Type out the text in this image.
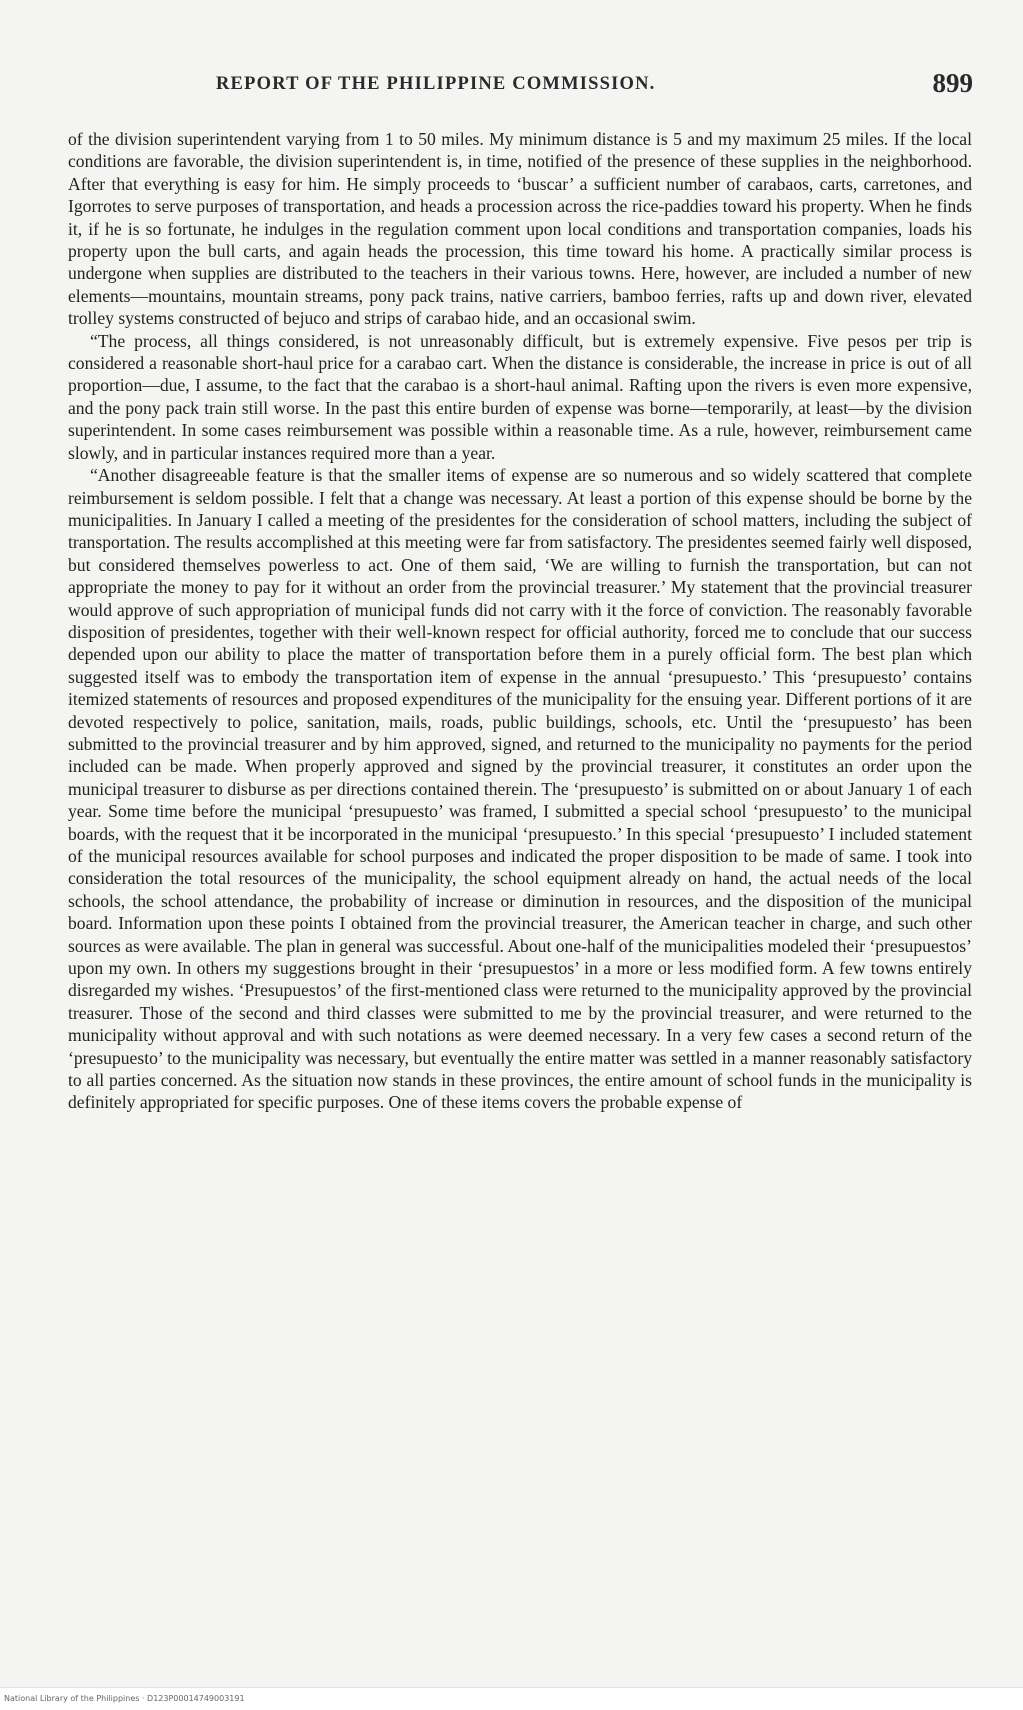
REPORT OF THE PHILIPPINE COMMISSION.	899

of the division superintendent varying from 1 to 50 miles. My minimum distance is 5 and my maximum 25 miles. If the local conditions are favorable, the division superintendent is, in time, notified of the presence of these supplies in the neighborhood. After that everything is easy for him. He simply proceeds to ‘buscar’ a sufficient number of carabaos, carts, carretones, and Igorrotes to serve purposes of transportation, and heads a procession across the rice-paddies toward his property. When he finds it, if he is so fortunate, he indulges in the regulation comment upon local conditions and transportation companies, loads his property upon the bull carts, and again heads the procession, this time toward his home. A practically similar process is undergone when supplies are distributed to the teachers in their various towns. Here, however, are included a number of new elements—mountains, mountain streams, pony pack trains, native carriers, bamboo ferries, rafts up and down river, elevated trolley systems constructed of bejuco and strips of carabao hide, and an occasional swim.

“The process, all things considered, is not unreasonably difficult, but is extremely expensive. Five pesos per trip is considered a reasonable short-haul price for a carabao cart. When the distance is considerable, the increase in price is out of all proportion—due, I assume, to the fact that the carabao is a short-haul animal. Rafting upon the rivers is even more expensive, and the pony pack train still worse. In the past this entire burden of expense was borne—temporarily, at least—by the division superintendent. In some cases reimbursement was possible within a reasonable time. As a rule, however, reimbursement came slowly, and in particular instances required more than a year.

“Another disagreeable feature is that the smaller items of expense are so numerous and so widely scattered that complete reimbursement is seldom possible. I felt that a change was necessary. At least a portion of this expense should be borne by the municipalities. In January I called a meeting of the presidentes for the consideration of school matters, including the subject of transportation. The results accomplished at this meeting were far from satisfactory. The presidentes seemed fairly well disposed, but considered themselves powerless to act. One of them said, ‘We are willing to furnish the transportation, but can not appropriate the money to pay for it without an order from the provincial treasurer.’ My statement that the provincial treasurer would approve of such appropriation of municipal funds did not carry with it the force of conviction. The reasonably favorable disposition of presidentes, together with their well-known respect for official authority, forced me to conclude that our success depended upon our ability to place the matter of transportation before them in a purely official form. The best plan which suggested itself was to embody the transportation item of expense in the annual ‘presupuesto.’ This ‘presupuesto’ contains itemized statements of resources and proposed expenditures of the municipality for the ensuing year. Different portions of it are devoted respectively to police, sanitation, mails, roads, public buildings, schools, etc. Until the ‘presupuesto’ has been submitted to the provincial treasurer and by him approved, signed, and returned to the municipality no payments for the period included can be made. When properly approved and signed by the provincial treasurer, it constitutes an order upon the municipal treasurer to disburse as per directions contained therein. The ‘presupuesto’ is submitted on or about January 1 of each year. Some time before the municipal ‘presupuesto’ was framed, I submitted a special school ‘presupuesto’ to the municipal boards, with the request that it be incorporated in the municipal ‘presupuesto.’ In this special ‘presupuesto’ I included statement of the municipal resources available for school purposes and indicated the proper disposition to be made of same. I took into consideration the total resources of the municipality, the school equipment already on hand, the actual needs of the local schools, the school attendance, the probability of increase or diminution in resources, and the disposition of the municipal board. Information upon these points I obtained from the provincial treasurer, the American teacher in charge, and such other sources as were available. The plan in general was successful. About one-half of the municipalities modeled their ‘presupuestos’ upon my own. In others my suggestions brought in their ‘presupuestos’ in a more or less modified form. A few towns entirely disregarded my wishes. ‘Presupuestos’ of the first-mentioned class were returned to the municipality approved by the provincial treasurer. Those of the second and third classes were submitted to me by the provincial treasurer, and were returned to the municipality without approval and with such notations as were deemed necessary. In a very few cases a second return of the ‘presupuesto’ to the municipality was necessary, but eventually the entire matter was settled in a manner reasonably satisfactory to all parties concerned. As the situation now stands in these provinces, the entire amount of school funds in the municipality is definitely appropriated for specific purposes. One of these items covers the probable expense of

National Library of the Philippines · D123P00014749003191
